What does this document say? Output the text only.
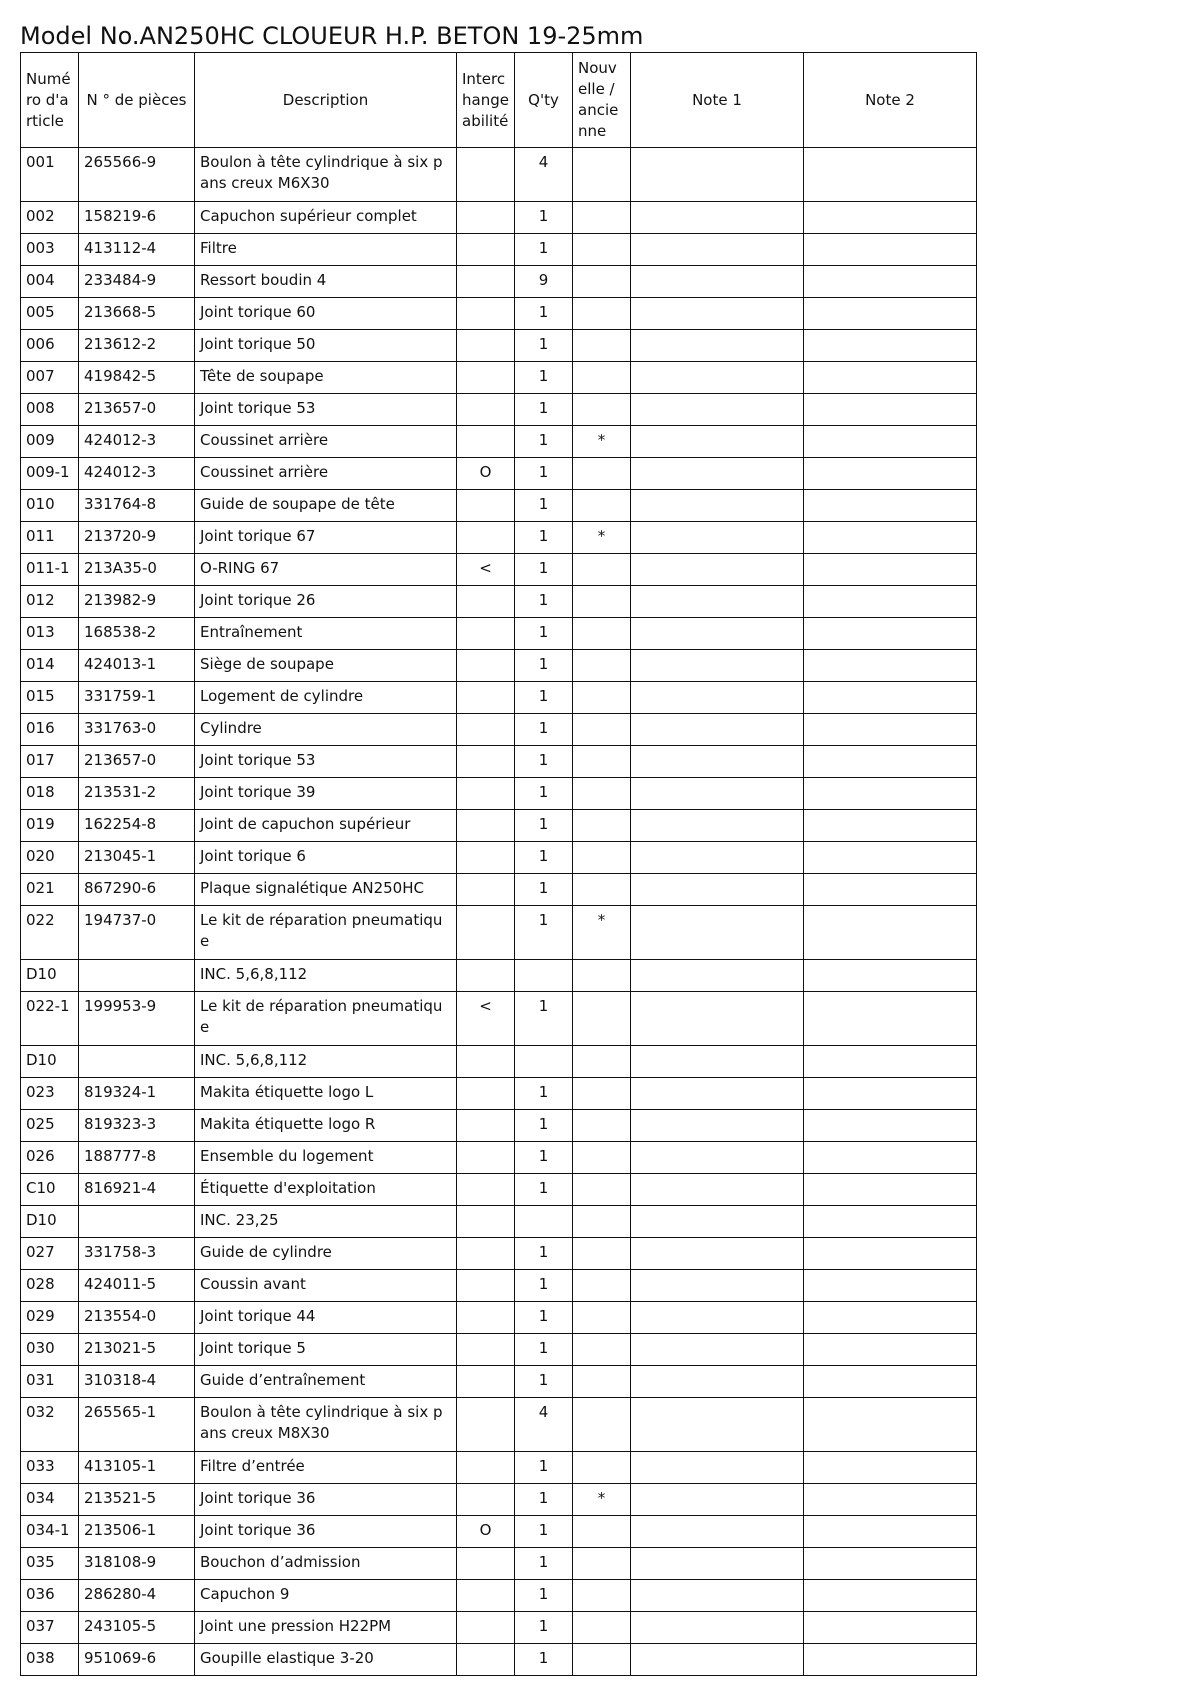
Model No.AN250HC CLOUEUR H.P. BETON 19-25mm
Numéro d'article	N ° de pièces	Description	Interchangeabilité	Q'ty	Nouvelle / ancienne	Note 1	Note 2
001	265566-9	Boulon à tête cylindrique à six pans creux M6X30		4			
002	158219-6	Capuchon supérieur complet		1			
003	413112-4	Filtre		1			
004	233484-9	Ressort boudin 4		9			
005	213668-5	Joint torique 60		1			
006	213612-2	Joint torique 50		1			
007	419842-5	Tête de soupape		1			
008	213657-0	Joint torique 53		1			
009	424012-3	Coussinet arrière		1	*		
009-1	424012-3	Coussinet arrière	O	1			
010	331764-8	Guide de soupape de tête		1			
011	213720-9	Joint torique 67		1	*		
011-1	213A35-0	O-RING 67	<	1			
012	213982-9	Joint torique 26		1			
013	168538-2	Entraînement		1			
014	424013-1	Siège de soupape		1			
015	331759-1	Logement de cylindre		1			
016	331763-0	Cylindre		1			
017	213657-0	Joint torique 53		1			
018	213531-2	Joint torique 39		1			
019	162254-8	Joint de capuchon supérieur		1			
020	213045-1	Joint torique 6		1			
021	867290-6	Plaque signalétique AN250HC		1			
022	194737-0	Le kit de réparation pneumatique		1	*		
D10		INC. 5,6,8,112					
022-1	199953-9	Le kit de réparation pneumatique	<	1			
D10		INC. 5,6,8,112					
023	819324-1	Makita étiquette logo L		1			
025	819323-3	Makita étiquette logo R		1			
026	188777-8	Ensemble du logement		1			
C10	816921-4	Étiquette d'exploitation		1			
D10		INC. 23,25					
027	331758-3	Guide de cylindre		1			
028	424011-5	Coussin avant		1			
029	213554-0	Joint torique 44		1			
030	213021-5	Joint torique 5		1			
031	310318-4	Guide d’entraînement		1			
032	265565-1	Boulon à tête cylindrique à six pans creux M8X30		4			
033	413105-1	Filtre d’entrée		1			
034	213521-5	Joint torique 36		1	*		
034-1	213506-1	Joint torique 36	O	1			
035	318108-9	Bouchon d’admission		1			
036	286280-4	Capuchon 9		1			
037	243105-5	Joint une pression H22PM		1			
038	951069-6	Goupille elastique 3-20		1			
